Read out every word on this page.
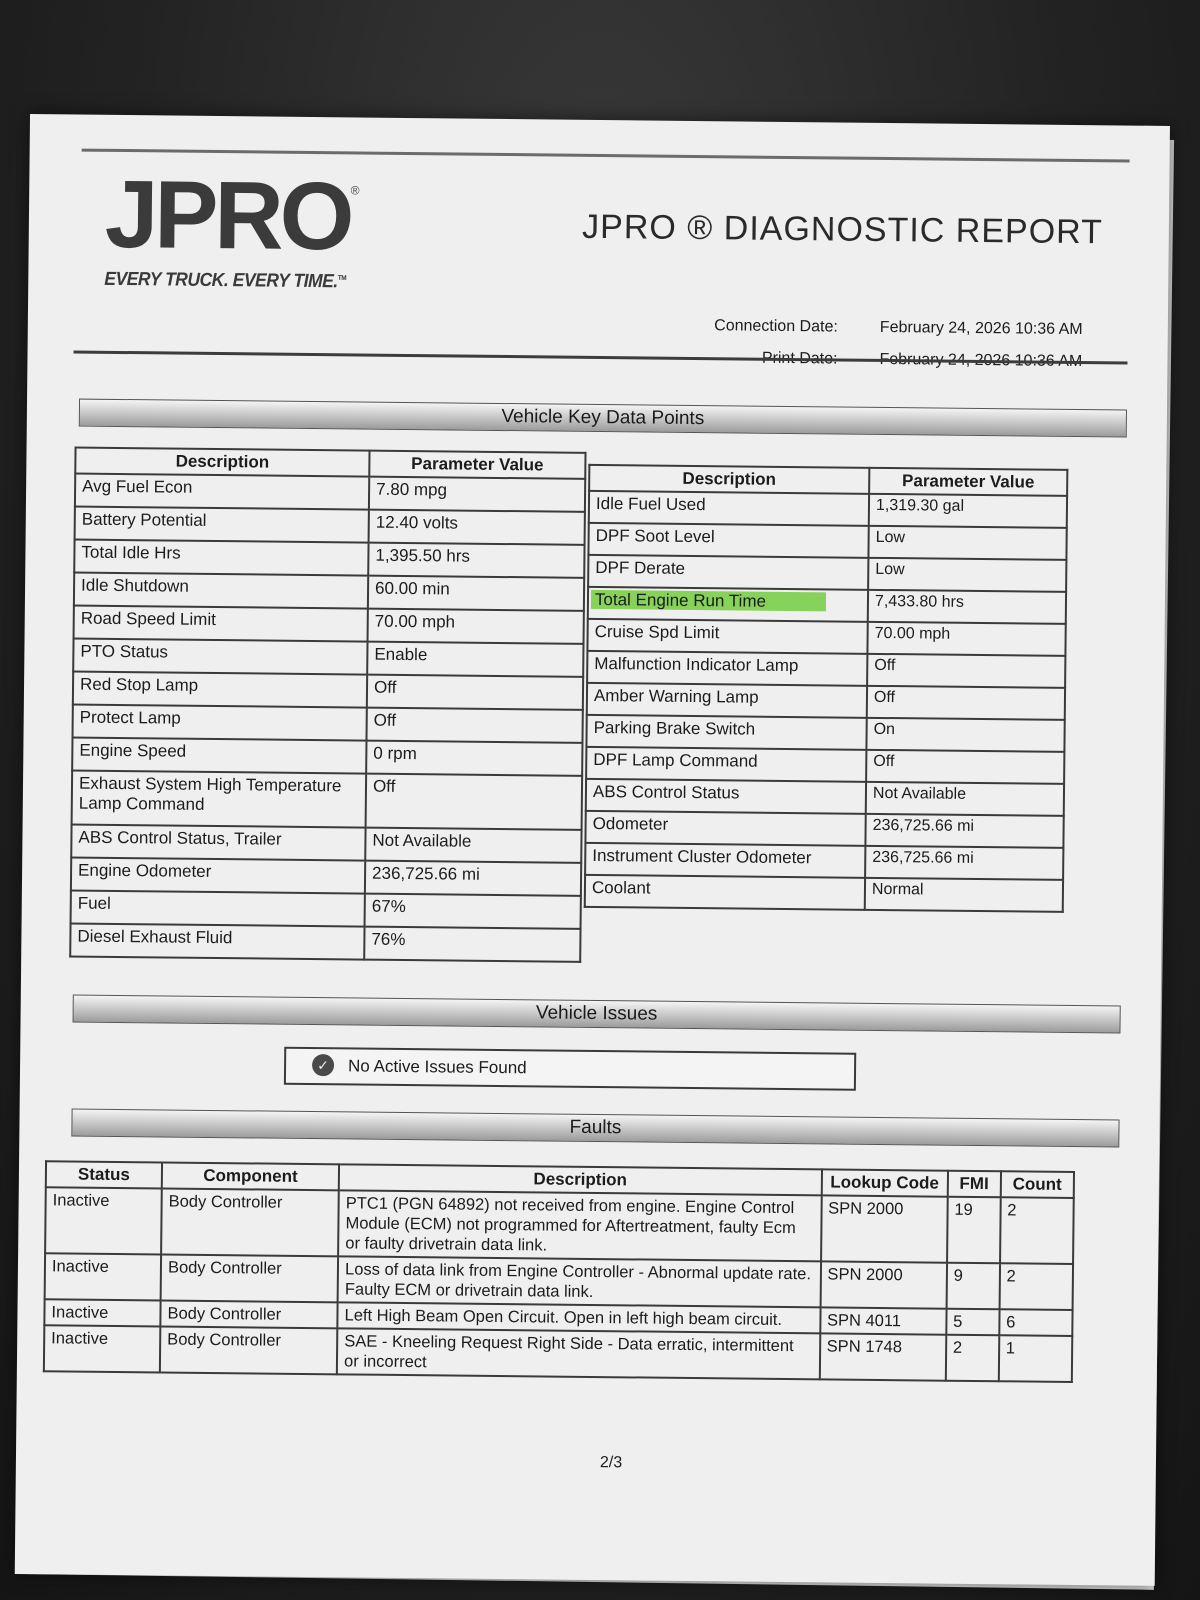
JPRO®
EVERY TRUCK. EVERY TIME.™
JPRO ® DIAGNOSTIC REPORT
Connection Date:	February 24, 2026 10:36 AM
Vehicle Key Data Points
Description	Parameter Value
Avg Fuel Econ	7.80 mpg
Battery Potential	12.40 volts
Total Idle Hrs	1,395.50 hrs
Idle Shutdown	60.00 min
Road Speed Limit	70.00 mph
PTO Status	Enable
Red Stop Lamp	Off
Protect Lamp	Off
Engine Speed	0 rpm
Exhaust System High Temperature Lamp Command	Off
ABS Control Status, Trailer	Not Available
Engine Odometer	236,725.66 mi
Fuel	67%
Diesel Exhaust Fluid	76%
Description	Parameter Value
Idle Fuel Used	1,319.30 gal
DPF Soot Level	Low
DPF Derate	Low
Total Engine Run Time	7,433.80 hrs
Cruise Spd Limit	70.00 mph
Malfunction Indicator Lamp	Off
Amber Warning Lamp	Off
Parking Brake Switch	On
DPF Lamp Command	Off
ABS Control Status	Not Available
Odometer	236,725.66 mi
Instrument Cluster Odometer	236,725.66 mi
Coolant	Normal
Vehicle Issues
✓ No Active Issues Found
Faults
Status	Component	Description	Lookup Code	FMI	Count
Inactive	Body Controller	PTC1 (PGN 64892) not received from engine. Engine Control Module (ECM) not programmed for Aftertreatment, faulty Ecm or faulty drivetrain data link.	SPN 2000	19	2
Inactive	Body Controller	Loss of data link from Engine Controller - Abnormal update rate. Faulty ECM or drivetrain data link.	SPN 2000	9	2
Inactive	Body Controller	Left High Beam Open Circuit. Open in left high beam circuit.	SPN 4011	5	6
Inactive	Body Controller	SAE - Kneeling Request Right Side - Data erratic, intermittent or incorrect	SPN 1748	2	1
2/3
